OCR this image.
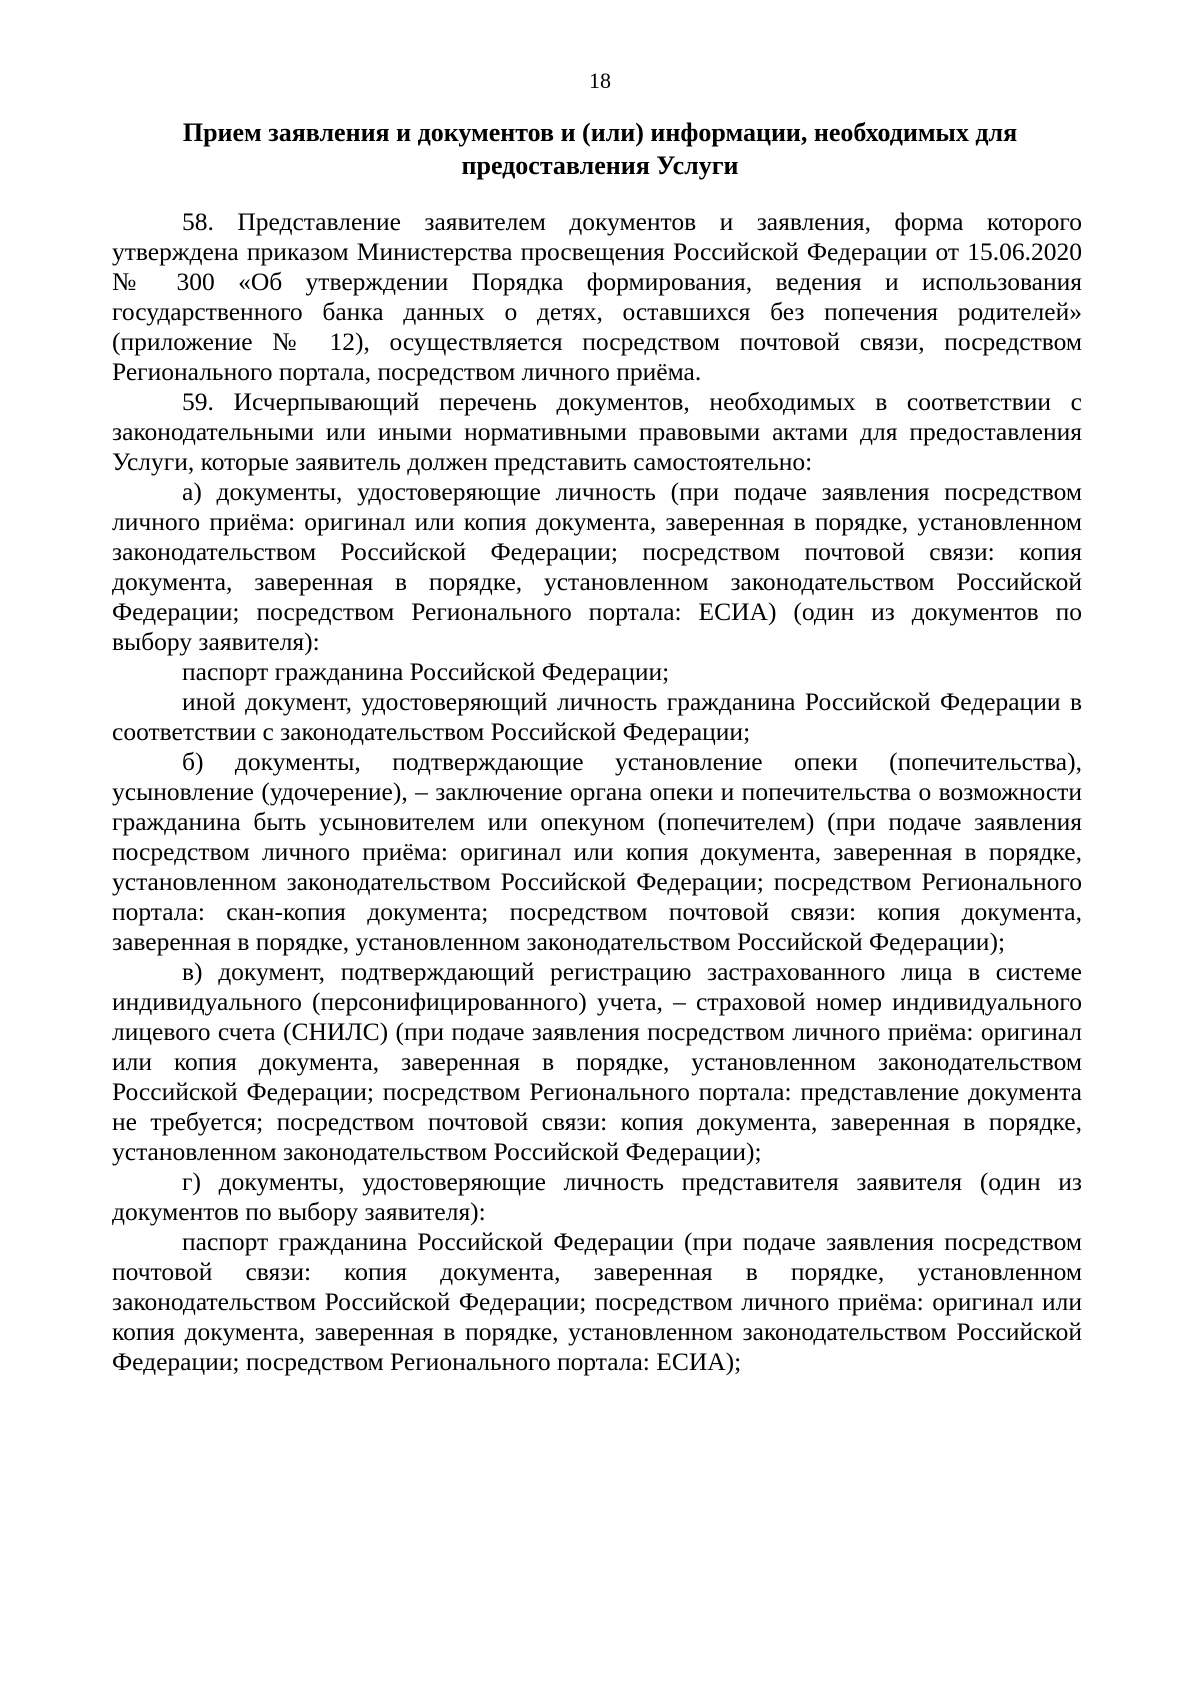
18
Прием заявления и документов и (или) информации, необходимых для предоставления Услуги

58. Представление заявителем документов и заявления, форма которого утверждена приказом Министерства просвещения Российской Федерации от 15.06.2020 № 300 «Об утверждении Порядка формирования, ведения и использования государственного банка данных о детях, оставшихся без попечения родителей» (приложение № 12), осуществляется посредством почтовой связи, посредством Регионального портала, посредством личного приёма.

59. Исчерпывающий перечень документов, необходимых в соответствии с законодательными или иными нормативными правовыми актами для предоставления Услуги, которые заявитель должен представить самостоятельно:

а) документы, удостоверяющие личность (при подаче заявления посредством личного приёма: оригинал или копия документа, заверенная в порядке, установленном законодательством Российской Федерации; посредством почтовой связи: копия документа, заверенная в порядке, установленном законодательством Российской Федерации; посредством Регионального портала: ЕСИА) (один из документов по выбору заявителя):

паспорт гражданина Российской Федерации;

иной документ, удостоверяющий личность гражданина Российской Федерации в соответствии с законодательством Российской Федерации;

б) документы, подтверждающие установление опеки (попечительства), усыновление (удочерение), – заключение органа опеки и попечительства о возможности гражданина быть усыновителем или опекуном (попечителем) (при подаче заявления посредством личного приёма: оригинал или копия документа, заверенная в порядке, установленном законодательством Российской Федерации; посредством Регионального портала: скан-копия документа; посредством почтовой связи: копия документа, заверенная в порядке, установленном законодательством Российской Федерации);

в) документ, подтверждающий регистрацию застрахованного лица в системе индивидуального (персонифицированного) учета, – страховой номер индивидуального лицевого счета (СНИЛС) (при подаче заявления посредством личного приёма: оригинал или копия документа, заверенная в порядке, установленном законодательством Российской Федерации; посредством Регионального портала: представление документа не требуется; посредством почтовой связи: копия документа, заверенная в порядке, установленном законодательством Российской Федерации);

г) документы, удостоверяющие личность представителя заявителя (один из документов по выбору заявителя):

паспорт гражданина Российской Федерации (при подаче заявления посредством почтовой связи: копия документа, заверенная в порядке, установленном законодательством Российской Федерации; посредством личного приёма: оригинал или копия документа, заверенная в порядке, установленном законодательством Российской Федерации; посредством Регионального портала: ЕСИА);
